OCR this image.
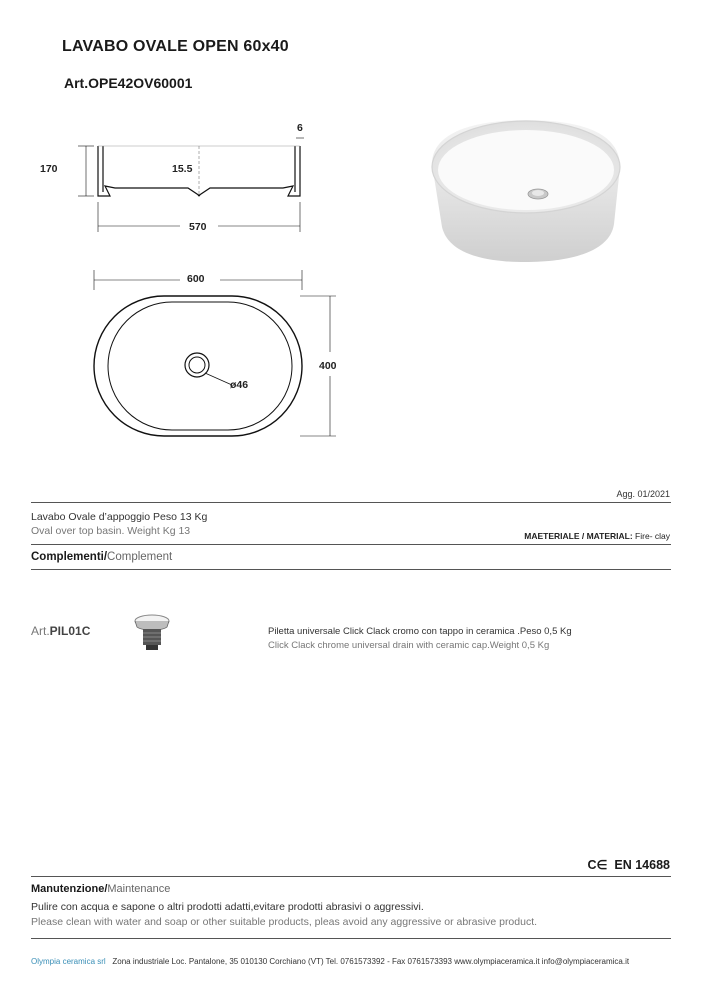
LAVABO OVALE OPEN 60x40
Art.OPE42OV60001
170
6
15.5
570
600
400
ø46
Agg. 01/2021
Lavabo Ovale d’appoggio Peso 13 Kg
Oval over top basin. Weight Kg 13	MAETERIALE / MATERIAL: Fire- clay
Complementi/Complement
Art.PIL01C	Piletta universale Click Clack cromo con tappo in ceramica .Peso 0,5 Kg
Click Clack chrome universal drain with ceramic cap.Weight 0,5 Kg
C∈ EN 14688
Manutenzione/Maintenance
Pulire con acqua e sapone o altri prodotti adatti,evitare prodotti abrasivi o aggressivi.
Please clean with water and soap or other suitable products, pleas avoid any aggressive or abrasive product.
Olympia ceramica srl Zona industriale Loc. Pantalone, 35 010130 Corchiano (VT) Tel. 0761573392 - Fax 0761573393 www.olympiaceramica.it info@olympiaceramica.it
